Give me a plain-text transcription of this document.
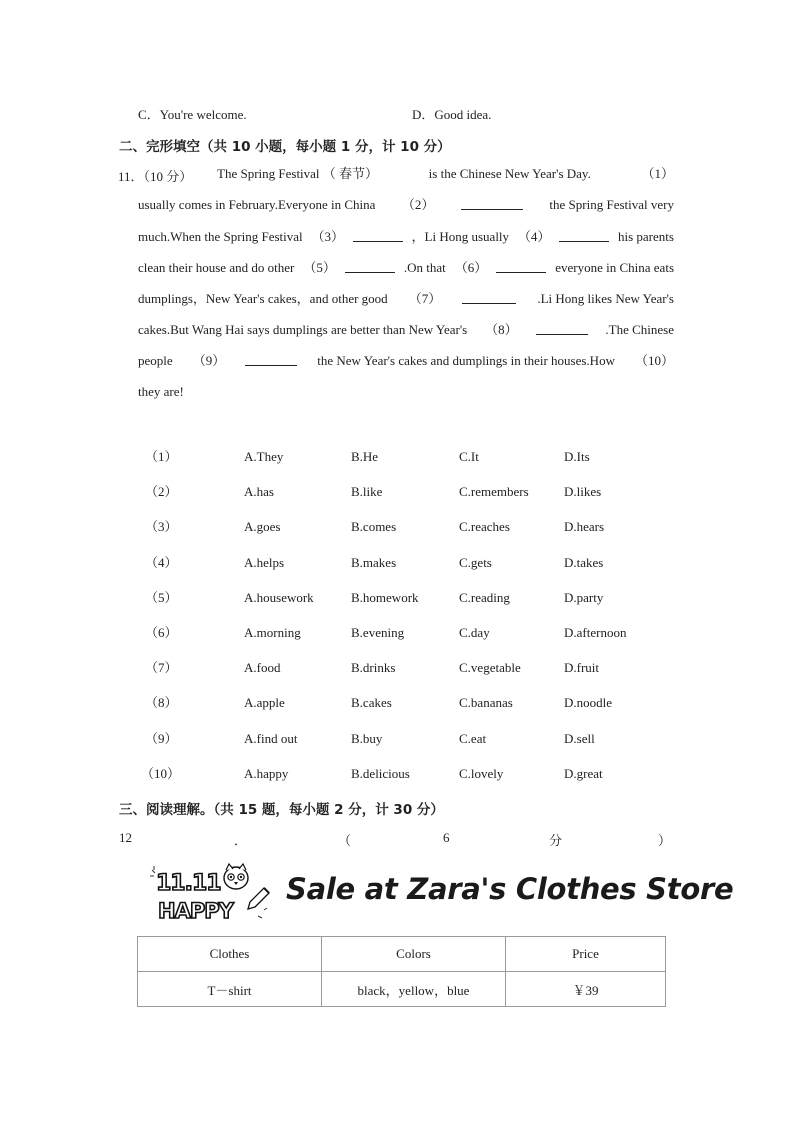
C．You're welcome.	D．Good idea.
二、完形填空（共 10 小题，每小题 1 分，计 10 分）
11．（10 分） The Spring Festival （ 春节）	is the Chinese New Year's Day.	（1）
usually comes in February.Everyone in China （2）	the Spring Festival very
much.When the Spring Festival （3）	，Li Hong usually （4）	his parents
clean their house and do other （5）	.On that （6）	everyone in China eats
dumplings，New Year's cakes，and other good （7）	.Li Hong likes New Year's
cakes.But Wang Hai says dumplings are better than New Year's （8）	.The Chinese
people （9）	the New Year's cakes and dumplings in their houses.How （10）
they are!
（1）	A.They	B.He	C.It	D.Its
（2）	A.has	B.like	C.remembers	D.likes
（3）	A.goes	B.comes	C.reaches	D.hears
（4）	A.helps	B.makes	C.gets	D.takes
（5）	A.housework	B.homework	C.reading	D.party
（6）	A.morning	B.evening	C.day	D.afternoon
（7）	A.food	B.drinks	C.vegetable	D.fruit
（8）	A.apple	B.cakes	C.bananas	D.noodle
（9）	A.find out	B.buy	C.eat	D.sell
（10）	A.happy	B.delicious	C.lovely	D.great
三、阅读理解。（共 15 题，每小题 2 分，计 30 分）
12	．	（	6	分	）
11.11
HAPPY
Sale at Zara's Clothes Store
Clothes	Colors	Price
T－shirt	black，yellow，blue	￥39
